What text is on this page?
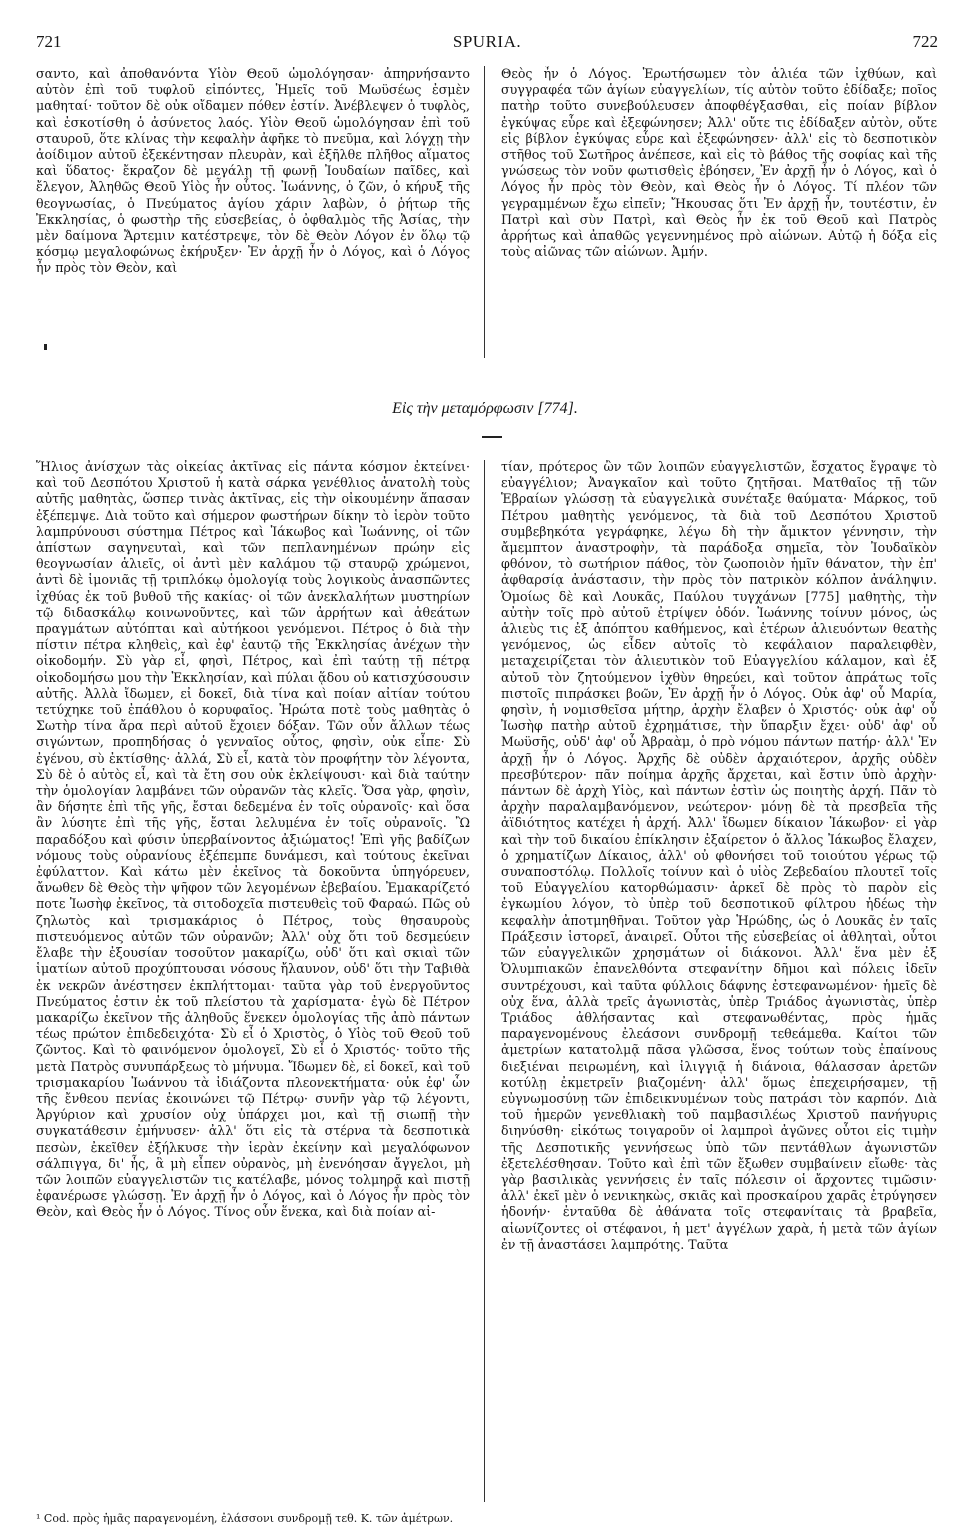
721	SPURIA.	722

σαντο, καὶ ἀποθανόντα Υἱὸν Θεοῦ ὡμολόγησαν· ἀπηρνήσαντο αὐτὸν ἐπὶ τοῦ τυφλοῦ εἰπόντες, Ἡμεῖς τοῦ Μωϋσέως ἐσμὲν μαθηταί· τοῦτον δὲ οὐκ οἴδαμεν πόθεν ἐστίν. Ἀνέβλεψεν ὁ τυφλὸς, καὶ ἐσκοτίσθη ὁ ἀσύνετος λαός. Υἱὸν Θεοῦ ὡμολόγησαν ἐπὶ τοῦ σταυροῦ, ὅτε κλίνας τὴν κεφαλὴν ἀφῆκε τὸ πνεῦμα, καὶ λόγχῃ τὴν ἀοίδιμον αὐτοῦ ἐξεκέντησαν πλευρὰν, καὶ ἐξῆλθε πλῆθος αἵματος καὶ ὕδατος· ἔκραζον δὲ μεγάλῃ τῇ φωνῇ Ἰουδαίων παῖδες, καὶ ἔλεγον, Ἀληθῶς Θεοῦ Υἱὸς ἦν οὗτος. Ἰωάννης, ὁ ζῶν, ὁ κήρυξ τῆς θεογνωσίας, ὁ Πνεύματος ἁγίου χάριν λαβὼν, ὁ ῥήτωρ τῆς Ἐκκλησίας, ὁ φωστὴρ τῆς εὐσεβείας, ὁ ὀφθαλμὸς τῆς Ἀσίας, τὴν μὲν δαίμονα Ἄρτεμιν κατέστρεψε, τὸν δὲ Θεὸν Λόγον ἐν ὅλῳ τῷ κόσμῳ μεγαλοφώνως ἐκήρυξεν· Ἐν ἀρχῇ ἦν ὁ Λόγος, καὶ ὁ Λόγος ἦν πρὸς τὸν Θεὸν, καὶ

Θεὸς ἦν ὁ Λόγος. Ἐρωτήσωμεν τὸν ἁλιέα τῶν ἰχθύων, καὶ συγγραφέα τῶν ἁγίων εὐαγγελίων, τίς αὐτὸν τοῦτο ἐδίδαξε; ποῖος πατὴρ τοῦτο συνεβούλευσεν ἀποφθέγξασθαι, εἰς ποίαν βίβλον ἐγκύψας εὗρε καὶ ἐξεφώνησεν; Ἀλλ' οὔτε τις ἐδίδαξεν αὐτὸν, οὔτε εἰς βίβλον ἐγκύψας εὗρε καὶ ἐξεφώνησεν· ἀλλ' εἰς τὸ δεσποτικὸν στῆθος τοῦ Σωτῆρος ἀνέπεσε, καὶ εἰς τὸ βάθος τῆς σοφίας καὶ τῆς γνώσεως τὸν νοῦν φωτισθεὶς ἐβόησεν, Ἐν ἀρχῇ ἦν ὁ Λόγος, καὶ ὁ Λόγος ἦν πρὸς τὸν Θεὸν, καὶ Θεὸς ἦν ὁ Λόγος. Τί πλέον τῶν γεγραμμένων ἔχω εἰπεῖν; Ἤκουσας ὅτι Ἐν ἀρχῇ ἦν, τουτέστιν, ἐν Πατρὶ καὶ σὺν Πατρὶ, καὶ Θεὸς ἦν ἐκ τοῦ Θεοῦ καὶ Πατρὸς ἀρρήτως καὶ ἀπαθῶς γεγεννημένος πρὸ αἰώνων. Αὐτῷ ἡ δόξα εἰς τοὺς αἰῶνας τῶν αἰώνων. Ἀμήν.

Εἰς τὴν μεταμόρφωσιν [774].

Ἥλιος ἀνίσχων τὰς οἰκείας ἀκτῖνας εἰς πάντα κόσμον ἐκτείνει· καὶ τοῦ Δεσπότου Χριστοῦ ἡ κατὰ σάρκα γενέθλιος ἀνατολὴ τοὺς αὐτῆς μαθητὰς, ὥσπερ τινὰς ἀκτῖνας, εἰς τὴν οἰκουμένην ἅπασαν ἐξέπεμψε. Διὰ τοῦτο καὶ σήμερον φωστήρων δίκην τὸ ἱερὸν τοῦτο λαμπρύνουσι σύστημα Πέτρος καὶ Ἰάκωβος καὶ Ἰωάννης, οἱ τῶν ἀπίστων σαγηνευταὶ, καὶ τῶν πεπλανημένων πρώην εἰς θεογνωσίαν ἁλιεῖς, οἱ ἀντὶ μὲν καλάμου τῷ σταυρῷ χρώμενοι, ἀντὶ δὲ ἱμονιᾶς τῇ τριπλόκῳ ὁμολογίᾳ τοὺς λογικοὺς ἀνασπῶντες ἰχθύας ἐκ τοῦ βυθοῦ τῆς κακίας· οἱ τῶν ἀνεκλαλήτων μυστηρίων τῷ διδασκάλῳ κοινωνοῦντες, καὶ τῶν ἀρρήτων καὶ ἀθεάτων πραγμάτων αὐτόπται καὶ αὐτήκοοι γενόμενοι. Πέτρος ὁ διὰ τὴν πίστιν πέτρα κληθεὶς, καὶ ἐφ' ἑαυτῷ τῆς Ἐκκλησίας ἀνέχων τὴν οἰκοδομήν. Σὺ γὰρ εἶ, φησὶ, Πέτρος, καὶ ἐπὶ ταύτῃ τῇ πέτρᾳ οἰκοδομήσω μου τὴν Ἐκκλησίαν, καὶ πύλαι ᾅδου οὐ κατισχύσουσιν αὐτῆς. Ἀλλὰ ἴδωμεν, εἰ δοκεῖ, διὰ τίνα καὶ ποίαν αἰτίαν τούτου τετύχηκε τοῦ ἐπάθλου ὁ κορυφαῖος. Ἠρώτα ποτὲ τοὺς μαθητὰς ὁ Σωτὴρ τίνα ἄρα περὶ αὐτοῦ ἔχοιεν δόξαν. Τῶν οὖν ἄλλων τέως σιγώντων, προπηδήσας ὁ γενναῖος οὗτος, φησὶν, οὐκ εἶπε· Σὺ ἐγένου, σὺ ἐκτίσθης· ἀλλά, Σὺ εἶ, κατὰ τὸν προφήτην τὸν λέγοντα, Σὺ δὲ ὁ αὐτὸς εἶ, καὶ τὰ ἔτη σου οὐκ ἐκλείψουσι· καὶ διὰ ταύτην τὴν ὁμολογίαν λαμβάνει τῶν οὐρανῶν τὰς κλεῖς. Ὅσα γὰρ, φησὶν, ἂν δήσητε ἐπὶ τῆς γῆς, ἔσται δεδεμένα ἐν τοῖς οὐρανοῖς· καὶ ὅσα ἂν λύσητε ἐπὶ τῆς γῆς, ἔσται λελυμένα ἐν τοῖς οὐρανοῖς. Ὢ παραδόξου καὶ φύσιν ὑπερβαίνοντος ἀξιώματος! Ἐπὶ γῆς βαδίζων νόμους τοὺς οὐρανίους ἐξέπεμπε δυνάμεσι, καὶ τούτους ἐκεῖναι ἐφύλαττον. Καὶ κάτω μὲν ἐκεῖνος τὰ δοκοῦντα ὑπηγόρευεν, ἄνωθεν δὲ Θεὸς τὴν ψῆφον τῶν λεγομένων ἐβεβαίου. Ἐμακαρίζετό ποτε Ἰωσὴφ ἐκεῖνος, τὰ σιτοδοχεῖα πιστευθεὶς τοῦ Φαραώ. Πῶς οὐ ζηλωτὸς καὶ τρισμακάριος ὁ Πέτρος, τοὺς θησαυροὺς πιστευόμενος αὐτῶν τῶν οὐρανῶν; Ἀλλ' οὐχ ὅτι τοῦ δεσμεύειν ἔλαβε τὴν ἐξουσίαν τοσοῦτον μακαρίζω, οὐδ' ὅτι καὶ σκιαὶ τῶν ἱματίων αὐτοῦ προχύπτουσαι νόσους ἤλαυνον, οὐδ' ὅτι τὴν Ταβιθὰ ἐκ νεκρῶν ἀνέστησεν ἐκπλήττομαι· ταῦτα γὰρ τοῦ ἐνεργοῦντος Πνεύματος ἐστιν ἐκ τοῦ πλείστου τὰ χαρίσματα· ἐγὼ δὲ Πέτρον μακαρίζω ἐκεῖνον τῆς ἀληθοῦς ἕνεκεν ὁμολογίας τῆς ἀπὸ πάντων τέως πρώτον ἐπιδεδειχότα· Σὺ εἶ ὁ Χριστὸς, ὁ Υἱὸς τοῦ Θεοῦ τοῦ ζῶντος. Καὶ τὸ φαινόμενον ὁμολογεῖ, Σὺ εἶ ὁ Χριστός· τοῦτο τῆς μετὰ Πατρὸς συνυπάρξεως τὸ μήνυμα. Ἴδωμεν δὲ, εἰ δοκεῖ, καὶ τοῦ τρισμακαρίου Ἰωάννου τὰ ἰδιάζοντα πλεονεκτήματα· οὐκ ἐφ' ὧν τῆς ἔνθεου πενίας ἐκοινώνει τῷ Πέτρῳ· συνῆν γὰρ τῷ λέγοντι, Ἀργύριον καὶ χρυσίον οὐχ ὑπάρχει μοι, καὶ τῇ σιωπῇ τὴν συγκατάθεσιν ἐμήνυσεν· ἀλλ' ὅτι εἰς τὰ στέρνα τὰ δεσποτικὰ πεσὼν, ἐκεῖθεν ἐξήλκυσε τὴν ἱερὰν ἐκείνην καὶ μεγαλόφωνον σάλπιγγα, δι' ἧς, ἃ μὴ εἶπεν οὐρανὸς, μὴ ἐνενόησαν ἄγγελοι, μὴ τῶν λοιπῶν εὐαγγελιστῶν τις κατέλαβε, μόνος τολμηρᾷ καὶ πιστῇ ἐφανέρωσε γλώσσῃ. Ἐν ἀρχῇ ἦν ὁ Λόγος, καὶ ὁ Λόγος ἦν πρὸς τὸν Θεὸν, καὶ Θεὸς ἦν ὁ Λόγος. Τίνος οὖν ἕνεκα, καὶ διὰ ποίαν αἰ-

τίαν, πρότερος ὢν τῶν λοιπῶν εὐαγγελιστῶν, ἔσχατος ἔγραψε τὸ εὐαγγέλιον; Ἀναγκαῖον καὶ τοῦτο ζητῆσαι. Ματθαῖος τῇ τῶν Ἑβραίων γλώσσῃ τὰ εὐαγγελικὰ συνέταξε θαύματα· Μάρκος, τοῦ Πέτρου μαθητὴς γενόμενος, τὰ διὰ τοῦ Δεσπότου Χριστοῦ συμβεβηκότα γεγράφηκε, λέγω δὴ τὴν ἄμικτον γέννησιν, τὴν ἄμεμπτον ἀναστροφὴν, τὰ παράδοξα σημεῖα, τὸν Ἰουδαϊκὸν φθόνον, τὸ σωτήριον πάθος, τὸν ζωοποιὸν ἡμῖν θάνατον, τὴν ἐπ' ἀφθαρσίᾳ ἀνάστασιν, τὴν πρὸς τὸν πατρικὸν κόλπον ἀνάληψιν. Ὁμοίως δὲ καὶ Λουκᾶς, Παύλου τυγχάνων [775] μαθητὴς, τὴν αὐτὴν τοῖς πρὸ αὐτοῦ ἐτρίψεν ὁδόν. Ἰωάννης τοίνυν μόνος, ὡς ἁλιεὺς τις ἐξ ἀπόπτου καθήμενος, καὶ ἑτέρων ἁλιευόντων θεατὴς γενόμενος, ὡς εἶδεν αὐτοῖς τὸ κεφάλαιον παραλειφθὲν, μεταχειρίζεται τὸν ἁλιευτικὸν τοῦ Εὐαγγελίου κάλαμον, καὶ ἐξ αὐτοῦ τὸν ζητούμενον ἰχθὺν θηρεύει, καὶ τοῦτον ἀπράτως τοῖς πιστοῖς πιπράσκει βοῶν, Ἐν ἀρχῇ ἦν ὁ Λόγος. Οὐκ ἀφ' οὗ Μαρία, φησὶν, ἡ νομισθεῖσα μήτηρ, ἀρχὴν ἔλαβεν ὁ Χριστός· οὐκ ἀφ' οὗ Ἰωσὴφ πατὴρ αὐτοῦ ἐχρημάτισε, τὴν ὕπαρξιν ἔχει· οὐδ' ἀφ' οὗ Μωϋσῆς, οὐδ' ἀφ' οὗ Ἀβραὰμ, ὁ πρὸ νόμου πάντων πατήρ· ἀλλ' Ἐν ἀρχῇ ἦν ὁ Λόγος. Ἀρχῆς δὲ οὐδὲν ἀρχαιότερον, ἀρχῆς οὐδὲν πρεσβύτερον· πᾶν ποίημα ἀρχῆς ἄρχεται, καὶ ἔστιν ὑπὸ ἀρχὴν· πάντων δὲ ἀρχὴ Υἱὸς, καὶ πάντων ἐστὶν ὡς ποιητὴς ἀρχή. Πᾶν τὸ ἀρχὴν παραλαμβανόμενον, νεώτερον· μόνῃ δὲ τὰ πρεσβεῖα τῆς ἀϊδιότητος κατέχει ἡ ἀρχή. Ἀλλ' ἴδωμεν δίκαιον Ἰάκωβον· εἰ γὰρ καὶ τὴν τοῦ δικαίου ἐπίκλησιν ἐξαίρετον ὁ ἄλλος Ἰάκωβος ἔλαχεν, ὁ χρηματίζων Δίκαιος, ἀλλ' οὐ φθονήσει τοῦ τοιούτου γέρως τῷ συναποστόλῳ. Πολλοῖς τοίνυν καὶ ὁ υἱὸς Ζεβεδαίου πλουτεῖ τοῖς τοῦ Εὐαγγελίου κατορθώμασιν· ἀρκεῖ δὲ πρὸς τὸ παρὸν εἰς ἐγκωμίου λόγον, τὸ ὑπὲρ τοῦ δεσποτικοῦ φίλτρου ἡδέως τὴν κεφαλὴν ἀποτμηθῆναι. Τοῦτον γὰρ Ἡρώδης, ὡς ὁ Λουκᾶς ἐν ταῖς Πράξεσιν ἱστορεῖ, ἀναιρεῖ. Οὗτοι τῆς εὐσεβείας οἱ ἀθληταὶ, οὗτοι τῶν εὐαγγελικῶν χρησμάτων οἱ διάκονοι. Ἀλλ' ἕνα μὲν ἐξ Ὀλυμπιακῶν ἐπανελθόντα στεφανίτην δῆμοι καὶ πόλεις ἰδεῖν συντρέχουσι, καὶ ταῦτα φύλλοις δάφνης ἐστεφανωμένον· ἡμεῖς δὲ οὐχ ἕνα, ἀλλὰ τρεῖς ἀγωνιστὰς, ὑπὲρ Τριάδος ἀγωνιστὰς, ὑπὲρ Τριάδος ἀθλήσαντας καὶ στεφανωθέντας, πρὸς ἡμᾶς παραγενομένους ἐλεάσονι συνδρομῇ τεθεάμεθα. Καίτοι τῶν ἀμετρίων κατατολμᾷ πᾶσα γλῶσσα, ἕνος τούτων τοὺς ἐπαίνους διεξιέναι πειρωμένη, καὶ ἰλιγγιᾷ ἡ διάνοια, θάλασσαν ἀρετῶν κοτύλῃ ἐκμετρεῖν βιαζομένη· ἀλλ' ὅμως ἐπεχειρήσαμεν, τῇ εὐγνωμοσύνῃ τῶν ἐπιδεικνυμένων τοὺς πατράσι τὸν καρπόν. Διὰ τοῦ ἡμερῶν γενεθλιακὴ τοῦ παμβασιλέως Χριστοῦ πανήγυρις διηνύσθη· εἰκότως τοιγαροῦν οἱ λαμπροὶ ἀγῶνες οὗτοι εἰς τιμὴν τῆς Δεσποτικῆς γεννήσεως ὑπὸ τῶν πεντάθλων ἀγωνιστῶν ἐξετελέσθησαν. Τοῦτο καὶ ἐπὶ τῶν ἔξωθεν συμβαίνειν εἴωθε· τὰς γὰρ βασιλικὰς γεννήσεις ἐν ταῖς πόλεσιν οἱ ἄρχοντες τιμῶσιν· ἀλλ' ἐκεῖ μὲν ὁ νενικηκὼς, σκιᾶς καὶ προσκαίρου χαρᾶς ἐτρύγησεν ἡδονήν· ἐνταῦθα δὲ ἀθάνατα τοῖς στεφανίταις τὰ βραβεῖα, αἰωνίζοντες οἱ στέφανοι, ἡ μετ' ἀγγέλων χαρὰ, ἡ μετὰ τῶν ἁγίων ἐν τῇ ἀναστάσει λαμπρότης. Ταῦτα

¹ Cod. πρὸς ἡμᾶς παραγενομένη, ἐλάσσονι συνδρομῇ τεθ. K. τῶν ἀμέτρων.
